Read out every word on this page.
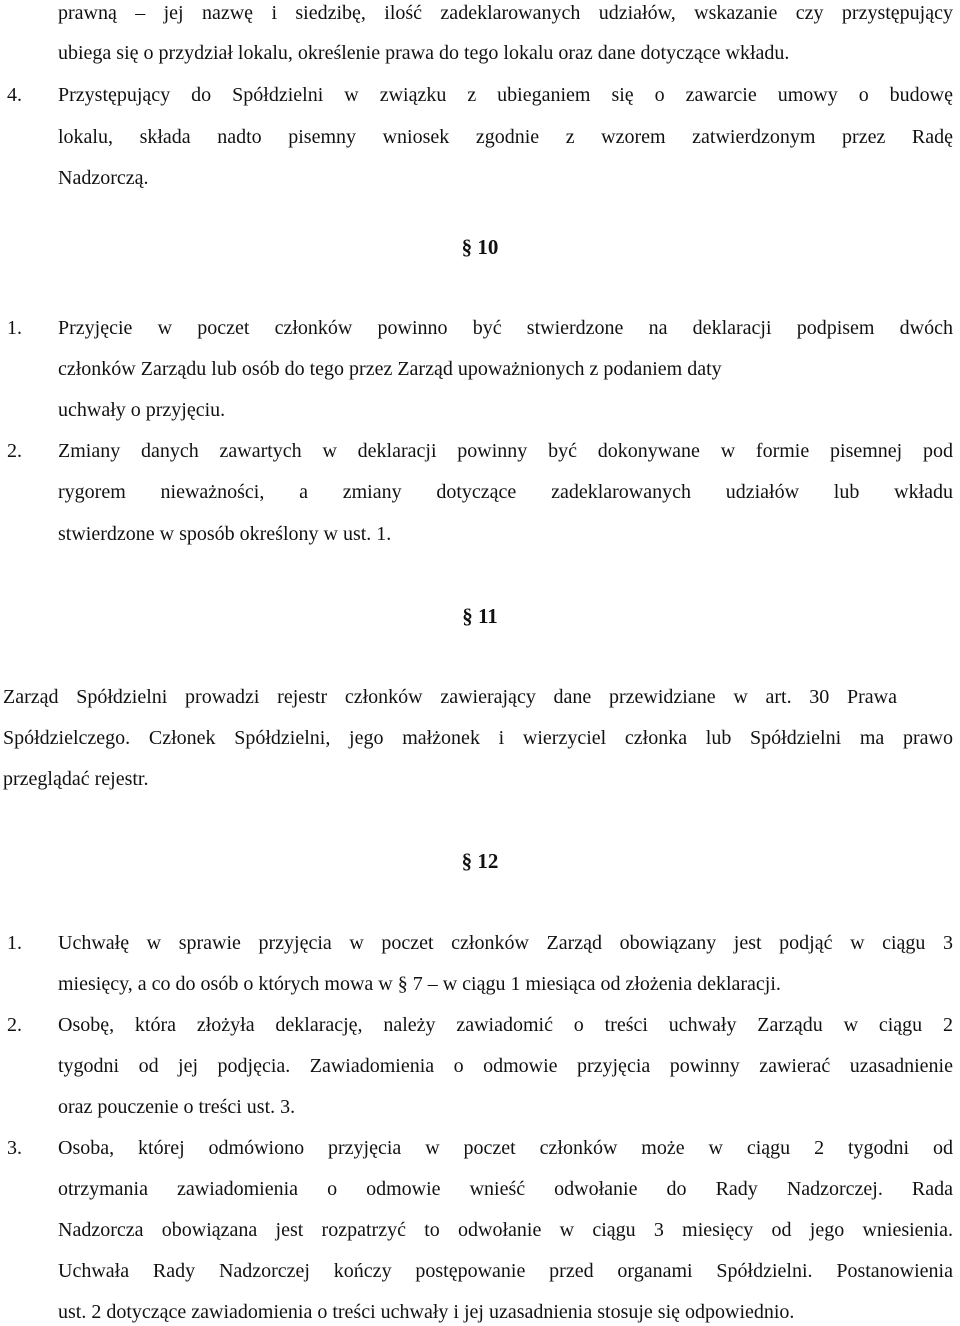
prawną – jej nazwę i siedzibę, ilość zadeklarowanych udziałów, wskazanie czy przystępujący
ubiega się o przydział lokalu, określenie prawa do tego lokalu oraz dane dotyczące wkładu.
4. Przystępujący do Spółdzielni w związku z ubieganiem się o zawarcie umowy o budowę
lokalu, składa nadto pisemny wniosek zgodnie z wzorem zatwierdzonym przez Radę
Nadzorczą.
§ 10
1. Przyjęcie w poczet członków powinno być stwierdzone na deklaracji podpisem dwóch
członków Zarządu lub osób do tego przez Zarząd upoważnionych z podaniem daty
uchwały o przyjęciu.
2. Zmiany danych zawartych w deklaracji powinny być dokonywane w formie pisemnej pod
rygorem nieważności, a zmiany dotyczące zadeklarowanych udziałów lub wkładu
stwierdzone w sposób określony w ust. 1.
§ 11
Zarząd Spółdzielni prowadzi rejestr członków zawierający dane przewidziane w art. 30 Prawa
Spółdzielczego. Członek Spółdzielni, jego małżonek i wierzyciel członka lub Spółdzielni ma prawo
przeglądać rejestr.
§ 12
1. Uchwałę w sprawie przyjęcia w poczet członków Zarząd obowiązany jest podjąć w ciągu 3
miesięcy, a co do osób o których mowa w § 7 – w ciągu 1 miesiąca od złożenia deklaracji.
2. Osobę, która złożyła deklarację, należy zawiadomić o treści uchwały Zarządu w ciągu 2
tygodni od jej podjęcia. Zawiadomienia o odmowie przyjęcia powinny zawierać uzasadnienie
oraz pouczenie o treści ust. 3.
3. Osoba, której odmówiono przyjęcia w poczet członków może w ciągu 2 tygodni od
otrzymania zawiadomienia o odmowie wnieść odwołanie do Rady Nadzorczej. Rada
Nadzorcza obowiązana jest rozpatrzyć to odwołanie w ciągu 3 miesięcy od jego wniesienia.
Uchwała Rady Nadzorczej kończy postępowanie przed organami Spółdzielni. Postanowienia
ust. 2 dotyczące zawiadomienia o treści uchwały i jej uzasadnienia stosuje się odpowiednio.
